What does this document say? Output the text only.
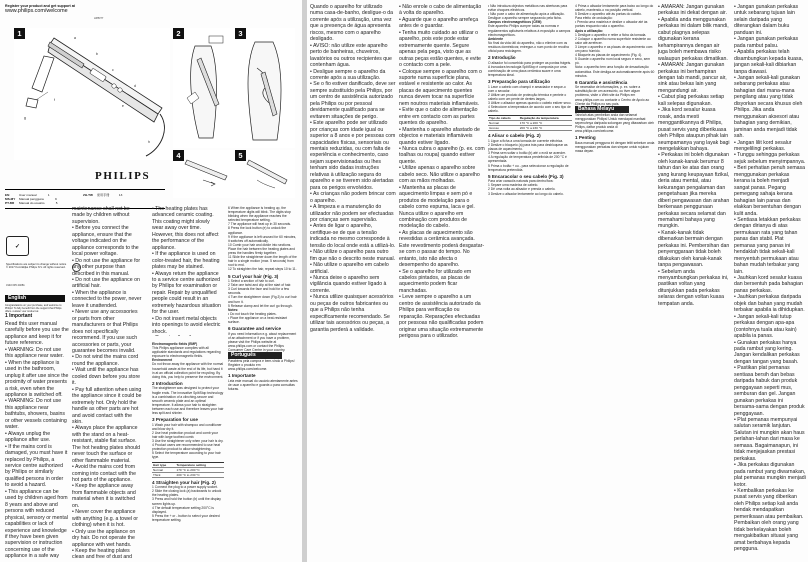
Register your product and get support at
www.philips.com/welcome
HP8377
1	a
b
c
d
e
f
g
h
PHILIPS
EN	User manual	1	ZH-TW	使用手冊	13
MS-MY Manual pengguna	9
PT-BR	Manual do usuário	5
✓
Specifications are subject to change without notice © 2017 Koninklijke Philips N.V. All rights reserved.
3140 035 44081
English
Congratulations on your purchase, and welcome to Philips! To fully benefit from the support that Philips offers, register your product at
1 Important

Read this user manual carefully before you use the appliance and keep it for future reference.

• WARNING: Do not use this appliance near water.

• When the appliance is used in the bathroom, unplug it after use since the proximity of water presents a risk, even when the appliance is switched off.

• WARNING: Do not use this appliance near bathtubs, showers, basins or other vessels containing water.

• Always unplug the appliance after use.

• If the mains cord is damaged, you must have it replaced by Philips, a service centre authorized by Philips or similarly qualified persons in order to avoid a hazard.

• This appliance can be used by children aged from 8 years and above and persons with reduced physical, sensory or mental capabilities or lack of experience and knowledge if they have been given supervision or instruction concerning use of the appliance in a safe way

2	3
4	5

maintenance shall not be made by children without supervision.

• Before you connect the appliance, ensure that the voltage indicated on the appliance corresponds to the local power voltage.

• Do not use the appliance for any other purpose than described in this manual.

• Do not use the appliance on artificial hair.

• When the appliance is connected to the power, never leave it unattended.

• Never use any accessories or parts from other manufacturers or that Philips does not specifically recommend. If you use such accessories or parts, your guarantee becomes invalid.

• Do not wind the mains cord round the appliance.

• Wait until the appliance has cooled down before you store it.

• Pay full attention when using the appliance since it could be extremely hot. Only hold the handle as other parts are hot and avoid contact with the skin.

• Always place the appliance with the stand on a heat-resistant, stable flat surface. The hot heating plates should never touch the surface or other flammable material.

• Avoid the mains cord from coming into contact with the hot parts of the appliance.

• Keep the appliance away from flammable objects and material when it is switched on.

• Never cover the appliance with anything (e.g. a towel or clothing) when it is hot.

• Only use the appliance on dry hair. Do not operate the appliance with wet hands.

• Keep the heating plates clean and free of dust and

• The heating plates has advanced ceramic coating. This coating might slowly wear away over time. However, this does not affect the performance of the appliance.

• If the appliance is used on color-treated hair, the heating plates may be stained.

• Always return the appliance to a service centre authorized by Philips for examination or repair. Repair by unqualified people could result in an extremely hazardous situation for the user.

• Do not insert metal objects into openings to avoid electric shock.

Electromagnetic fields (EMF)

This Philips appliance complies with all applicable standards and regulations regarding exposure to electromagnetic fields.

Environment

Do not throw away the appliance with the normal household waste at the end of its life, but hand it in at an official collection point for recycling. By doing this, you help to preserve the environment.

2 Introduction

The straightener was designed to protect your fragile ends. The innovative SplitStop technology is a combination of a clinching-secure and smooth ceramic plate and an optimal temperature. It allows your hair to straighten between each use and therefore leaves your hair less split and shinier.

3 Preparation for use

1 Wash your hair with shampoo and conditioner and blow dry it.

2 Use heat protection product and comb your hair with large toothed comb.

3 Use the straightener only when your hair is dry.

4 Product users are recommended to use heat protection product to allow straightening.

5 Select the temperature according to your hair type.

Hair type	Temperature setting
Normal	170 °C to 200 °C
Thick	200 °C to 230 °C
4 Straighten your hair (Fig. 2)

1 Connect the plug to a power supply socket.

2 Slide the closing lock (a) backwards to unlock the heating plates.

3 Press and hold the button (b) until the display screen lights up.

4 The default temperature setting 200°C is displayed.

5 Press the + or - button to select your desired temperature setting.

6 When the appliance is heating up, the temperature digits will blink. The digits stop blinking when the appliance reaches the selected temperature setting.

7 The appliance will heat up in 30 seconds.

8 Press the lock button (e) to unlock the appliance.

9 If the appliance is left unused for 60 minutes, it switches off automatically.

10 Comb your hair and divide into sections. Place the hair between the heating plates and press the handles firmly together.

11 Slide the straightener down the length of the hair in a single motion (max. 5 seconds) from root to end.

12 To straighten the hair, repeat steps 10 to 11.

5 Curl your hair (Fig. 3)

1 Select a section of hair to curl.

2 Take one twist and clip at the start of hair.

3 Curl towards the face and hold for a few seconds.

4 Turn the straightener down (Fig.3) to curl hair and turn it.

5 Release clamp and let the curl go through.

Notes:

• Do not touch the heating plates.

• Place the appliance on a heat-resistant surface.

6 Guarantee and service

If you need information e.g. about replacement of an attachment or if you have a problem, please visit the Philips website at www.philips.com or contact the Philips Consumer Care Centre in your country.

Português

Parabéns pela compra e bem-vindo à Philips! Registre o produto em www.philips.com/welcome.

1 Importante

Leia este manual do usuário atentamente antes de usar o aparelho e guarde-o para consultas futuras.

Quando o aparelho for utilizado numa casa-de-banho, desligue-o da corrente após a utilização, uma vez que a presença de água apresenta riscos, mesmo com o aparelho desligado.

• AVISO: não utilize este aparelho perto de banheiras, chuveiros, lavatórios ou outros recipientes que contenham água.

• Desligue sempre o aparelho da corrente após a sua utilização.

• Se o fio estiver danificado, deve ser sempre substituído pela Philips, por um centro de assistência autorizado pela Philips ou por pessoal devidamente qualificado para se evitarem situações de perigo.

• Este aparelho pode ser utilizado por crianças com idade igual ou superior a 8 anos e por pessoas com capacidades físicas, sensoriais ou mentais reduzidas, ou com falta de experiência e conhecimento, caso sejam supervisionadas ou lhes tenham sido dadas instruções relativas à utilização segura do aparelho e se tiverem sido alertadas para os perigos envolvidos.

• As crianças não podem brincar com o aparelho.

• A limpeza e a manutenção do utilizador não podem ser efectuadas por crianças sem supervisão.

• Antes de ligar o aparelho, certifique-se de que a tensão indicada no mesmo corresponde à tensão do local onde está a utilizá-lo.

• Não utilize o aparelho para outro fim que não o descrito neste manual.

• Não utilize o aparelho em cabelo artificial.

• Nunca deixe o aparelho sem vigilância quando estiver ligado à corrente.

• Nunca utilize quaisquer acessórios ou peças de outros fabricantes ou que a Philips não tenha especificamente recomendado. Se utilizar tais acessórios ou peças, a garantia perderá a validade.

• Não enrole o cabo de alimentação à volta do aparelho.

• Aguarde que o aparelho arrefeça antes de o guardar.

• Tenha muito cuidado ao utilizar o aparelho, pois este pode estar extremamente quente. Segure apenas pela pega, visto que as outras peças estão quentes, e evite o contacto com a pele.

• Coloque sempre o aparelho com o suporte numa superfície plana, estável e resistente ao calor. As placas de aquecimento quentes nunca devem tocar na superfície nem noutros materiais inflamáveis.

• Evite que o cabo de alimentação entre em contacto com as partes quentes do aparelho.

• Mantenha o aparelho afastado de objectos e materiais inflamáveis quando estiver ligado.

• Nunca cubra o aparelho (p. ex. com toalhas ou roupa) quando estiver quente.

• Utilize apenas o aparelho sobre cabelo seco. Não utilize o aparelho com as mãos molhadas.

• Mantenha as placas de aquecimento limpas e sem pó e produtos de modelação para o cabelo como espuma, laca e gel. Nunca utilize o aparelho em combinação com produtos de modelação do cabelo.

• As placas de aquecimento são revestidas a cerâmica avançada. Este revestimento poderá desgastar-se com o passar do tempo. No entanto, isto não afecta o desempenho do aparelho.

• Se o aparelho for utilizado em cabelos pintados, as placas de aquecimento podem ficar manchadas.

• Leve sempre o aparelho a um centro de assistência autorizado da Philips para verificação ou reparação. Reparações efectuadas por pessoas não qualificadas podem originar uma situação extremamente perigosa para o utilizador.

• Não introduza objectos metálicos nas aberturas para evitar choques eléctricos.

• Não puxe o cabo de alimentação após a utilização. Desligue o aparelho sempre segurando pela ficha.

Campos electromagnéticos (CEM)

Este aparelho Philips cumpre todas as normas e regulamentos aplicáveis relativos à exposição a campos electromagnéticos.

Ambiente

No final da vida útil do aparelho, não o elimine com os resíduos domésticos; entregue-o num ponto de recolha oficial para reciclagem.

2 Introdução

O alisador foi concebido para proteger as pontas frágeis. A inovadora tecnologia SplitStop é composta por uma combinação de uma placa cerâmica suave e uma temperatura ideal.

3 Preparação para utilização

1 Lave o cabelo com champô e amaciador e seque-o com o secador.

2 Utilize um produto de protecção térmica e penteie o cabelo com um pente de dentes largos.

3 Utilize o alisador apenas quando o cabelo estiver seco.

4 Seleccione a temperatura de acordo com o seu tipo de cabelo.

Tipo de cabelo	Regulação da temperatura
Normal	170 °C a 200 °C
Grosso	200 °C a 230 °C
4 Alisar o cabelo (Fig. 2)

1 Ligue a ficha a uma tomada de corrente eléctrica.

2 Deslize o bloqueio (a) para trás para desbloquear as placas de aquecimento.

3 Prima sem soltar o botão (b) até o ecrã se acender.

4 A regulação de temperatura predefinida de 200 °C é apresentada.

5 Prima o botão + ou - para seleccionar a regulação de temperatura pretendida.

5 Encaracolar o seu cabelo (Fig. 3)

Para criar caracóis naturais para dentro/fora:

1 Separe uma madeixa de cabelo.

2 Dê uma volta ao alisador e prenda o cabelo.

3 Deslize o alisador lentamente ao longo do cabelo.

4 Prima o alisador lentamente para baixo ao longo do cabelo, mantendo-o na posição vertical.

5 Deslize o aparelho até às pontas do cabelo.

Para efeito de ondulação:

• Prenda uma madeixa e deslize o alisador até às pontas enquanto roda o aparelho.

Após a utilização:

1 Desligue o aparelho e retire a ficha da tomada.

2 Coloque o aparelho numa superfície resistente ao calor até arrefecer.

3 Limpe o aparelho e as placas de aquecimento com um pano húmido.

4 Bloqueie as placas de aquecimento (Fig. 4).

5 Guarde o aparelho num local seguro e seco, sem pó.

Nota: o aparelho tem uma função de desactivação automática. Este desliga-se automaticamente após 60 minutos.

6 Garantia e assistência

Se necessitar de informações, p. ex. sobre a substituição de um acessório, ou tiver algum problema, visite o Web site da Philips em www.philips.com ou contacte o Centro de Apoio ao Cliente da Philips no seu país.

Bahasa Melayu

Tahniah atas pembelian anda dan selamat menggunakan Philips! Untuk mendapat manfaat sepenuhnya daripada sokongan yang ditawarkan oleh Philips, daftar produk anda di www.philips.com/welcome.

1 Penting

Baca manual pengguna ini dengan teliti sebelum anda menggunakan perkakas dan simpan untuk rujukan masa depan.

• AMARAN: Jangan gunakan perkakas ini dekat dengan air.

• Apabila anda menggunakan perkakas ini dalam bilik mandi, cabut plagnya selepas digunakan kerana kehampirannya dengan air juga boleh membawa risiko walaupun perkakas dimatikan.

• AMARAN: Jangan gunakan perkakas ini berhampiran dengan tab mandi, pancur air, sink atau bekas lain yang mengandungi air.

• Cabut plag perkakas setiap kali selepas digunakan.

• Jika kord sesalur kuasa rosak, anda mesti menggantikannya di Philips, pusat servis yang diberikuasa oleh Philips ataupun pihak lain seumpamanya yang layak bagi mengelakkan bahaya.

• Perkakas ini boleh digunakan oleh kanak-kanak berumur 8 tahun dan ke atas dan orang yang kurang keupayaan fizikal, deria atau mental, atau kekurangan pengalaman dan pengetahuan jika mereka diberi pengawasan dan arahan berkenaan penggunaan perkakas secara selamat dan memahami bahaya yang mungkin.

• Kanak-kanak tidak dibenarkan bermain dengan perkakas ini. Pembersihan dan penyenggaraan tidak boleh dilakukan oleh kanak-kanak tanpa pengawasan.

• Sebelum anda menyambungkan perkakas ini, pastikan voltan yang ditunjukkan pada perkakas selaras dengan voltan kuasa tempatan anda.

• Jangan gunakan perkakas untuk sebarang tujuan lain selain daripada yang diterangkan dalam buku panduan ini.

• Jangan gunakan perkakas pada rambut palsu.

• Apabila perkakas telah disambungkan kepada kuasa, jangan sekali-kali dibiarkan tanpa diawasi.

• Jangan sekali-kali gunakan sebarang perkakas atau bahagian dari mana-mana pengilang atau yang tidak disyorkan secara khusus oleh Philips. Jika anda menggunakan aksesori atau bahagian yang demikian, jaminan anda menjadi tidak sah.

• Jangan lilit kord sesalur mengelilingi perkakas.

• Tunggu sehingga perkakas sejuk sebelum menyimpannya.

• Beri perhatian penuh semasa menggunakan perkakas kerana ia boleh menjadi sangat panas. Pegang pemegang sahaja kerana bahagian lain panas dan elakkan bersentuhan dengan kulit anda.

• Sentiasa letakkan perkakas dengan dirianya di atas permukaan rata yang tahan panas dan stabil. Plat pemanas yang panas ini hendaklah tidak sekali-kali menyentuh permukaan atau bahan mudah terbakar yang lain.

• Jauhkan kord sesalur kuasa dan bersentuh pada bahagian panas perkakas.

• Jauhkan perkakas daripada objek dan bahan yang mudah terbakar apabila ia dihidupkan.

• Jangan sekali-kali tutup perkakas dengan apa-apa (contohnya tuala atau kain) apabila ia panas.

• Gunakan perkakas hanya pada rambut yang kering. Jangan kendalikan perkakas dengan tangan yang basah.

• Pastikan plat pemanas sentiasa bersih dan bebas daripada habuk dan produk penggayaan seperti mus, semburan dan gel. Jangan gunakan perkakas ini bersama-sama dengan produk penggayaan.

• Plat pemanas mempunyai salutan seramik lanjutan. Salutan ini mungkin akan haus perlahan-lahan dari masa ke semasa. Bagaimanapun, ini tidak menjejaskan prestasi perkakas.

• Jika perkakas digunakan pada rambut yang diwarnakan, plat pemanas mungkin menjadi kotor.

• Kembalikan perkakas ke pusat servis yang diberikan oleh Philips setiap kali anda hendak mendapatkan pemeriksaan atau pembaikan. Pembaikan oleh orang yang tidak berkelayakan boleh mengakibatkan situasi yang amat berbahaya kepada pengguna.
